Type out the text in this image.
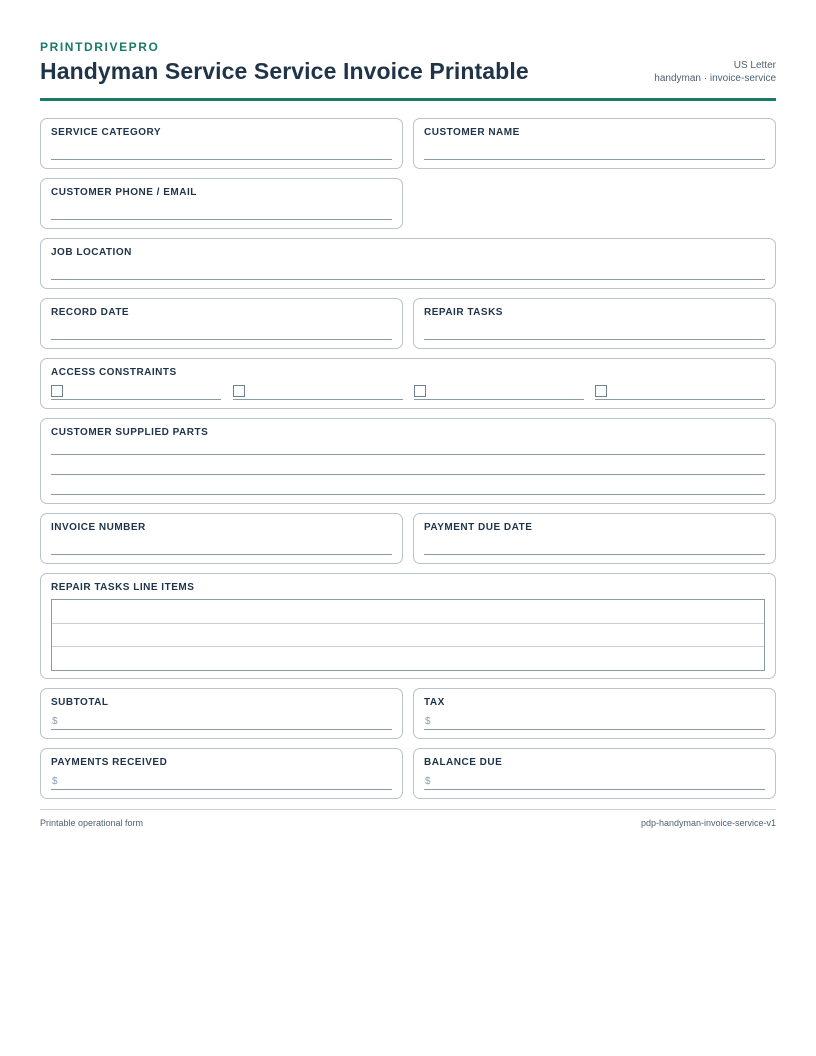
PRINTDRIVEPRO
Handyman Service Service Invoice Printable	US Letter
handyman · invoice-service
SERVICE CATEGORY	CUSTOMER NAME
CUSTOMER PHONE / EMAIL
JOB LOCATION
RECORD DATE	REPAIR TASKS
ACCESS CONSTRAINTS
CUSTOMER SUPPLIED PARTS
INVOICE NUMBER	PAYMENT DUE DATE
REPAIR TASKS LINE ITEMS
SUBTOTAL
$
TAX
$
PAYMENTS RECEIVED
$
BALANCE DUE
$
Printable operational form	pdp-handyman-invoice-service-v1
